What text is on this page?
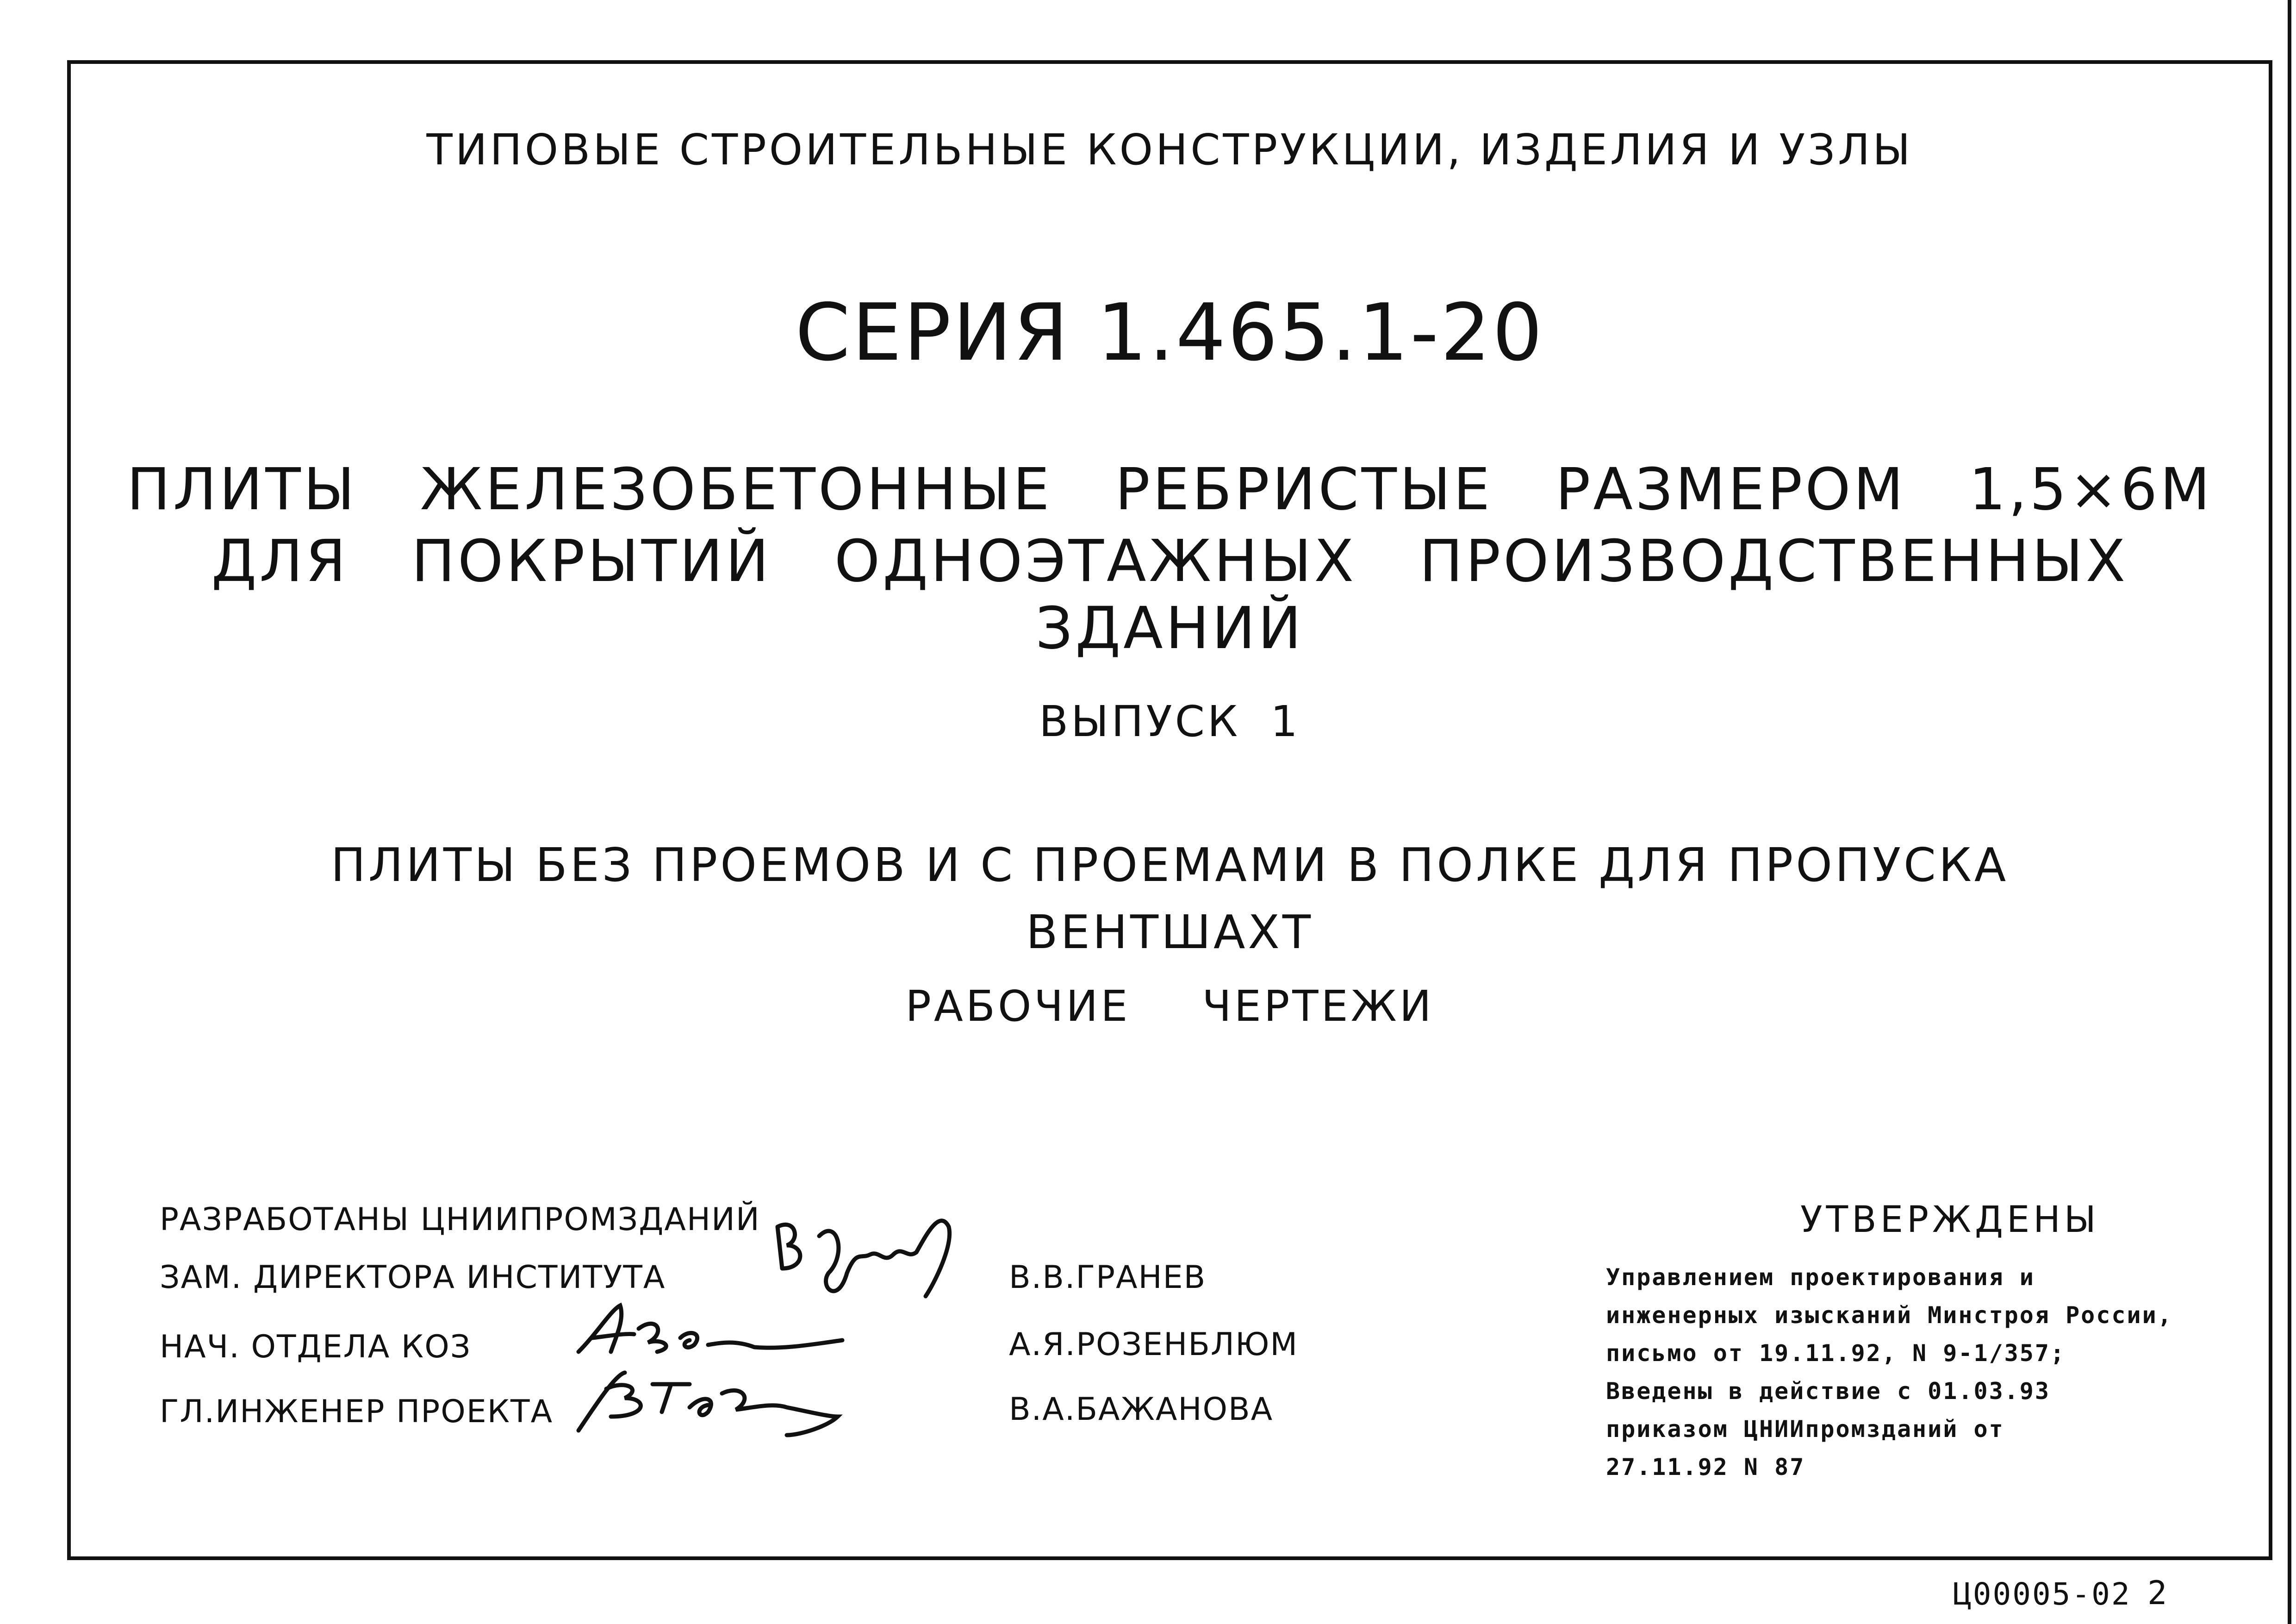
ТИПОВЫЕ СТРОИТЕЛЬНЫЕ КОНСТРУКЦИИ, ИЗДЕЛИЯ И УЗЛЫ
СЕРИЯ 1.465.1-20
ПЛИТЫ ЖЕЛЕЗОБЕТОННЫЕ РЕБРИСТЫЕ РАЗМЕРОМ 1,5×6М
ДЛЯ ПОКРЫТИЙ ОДНОЭТАЖНЫХ ПРОИЗВОДСТВЕННЫХ
ЗДАНИЙ
ВЫПУСК 1
ПЛИТЫ БЕЗ ПРОЕМОВ И С ПРОЕМАМИ В ПОЛКЕ ДЛЯ ПРОПУСКА
ВЕНТШАХТ
РАБОЧИЕ ЧЕРТЕЖИ
РАЗРАБОТАНЫ ЦНИИПРОМЗДАНИЙ
ЗАМ. ДИРЕКТОРА ИНСТИТУТА
НАЧ. ОТДЕЛА КОЗ
ГЛ.ИНЖЕНЕР ПРОЕКТА
В.В.ГРАНЕВ
А.Я.РОЗЕНБЛЮМ
В.А.БАЖАНОВА
УТВЕРЖДЕНЫ
Управлением проектирования и
инженерных изысканий Минстроя России,
письмо от 19.11.92, N 9-1/357;
Введены в действие с 01.03.93
приказом ЦНИИпромзданий от
27.11.92 N 87
Ц00005-02 2
